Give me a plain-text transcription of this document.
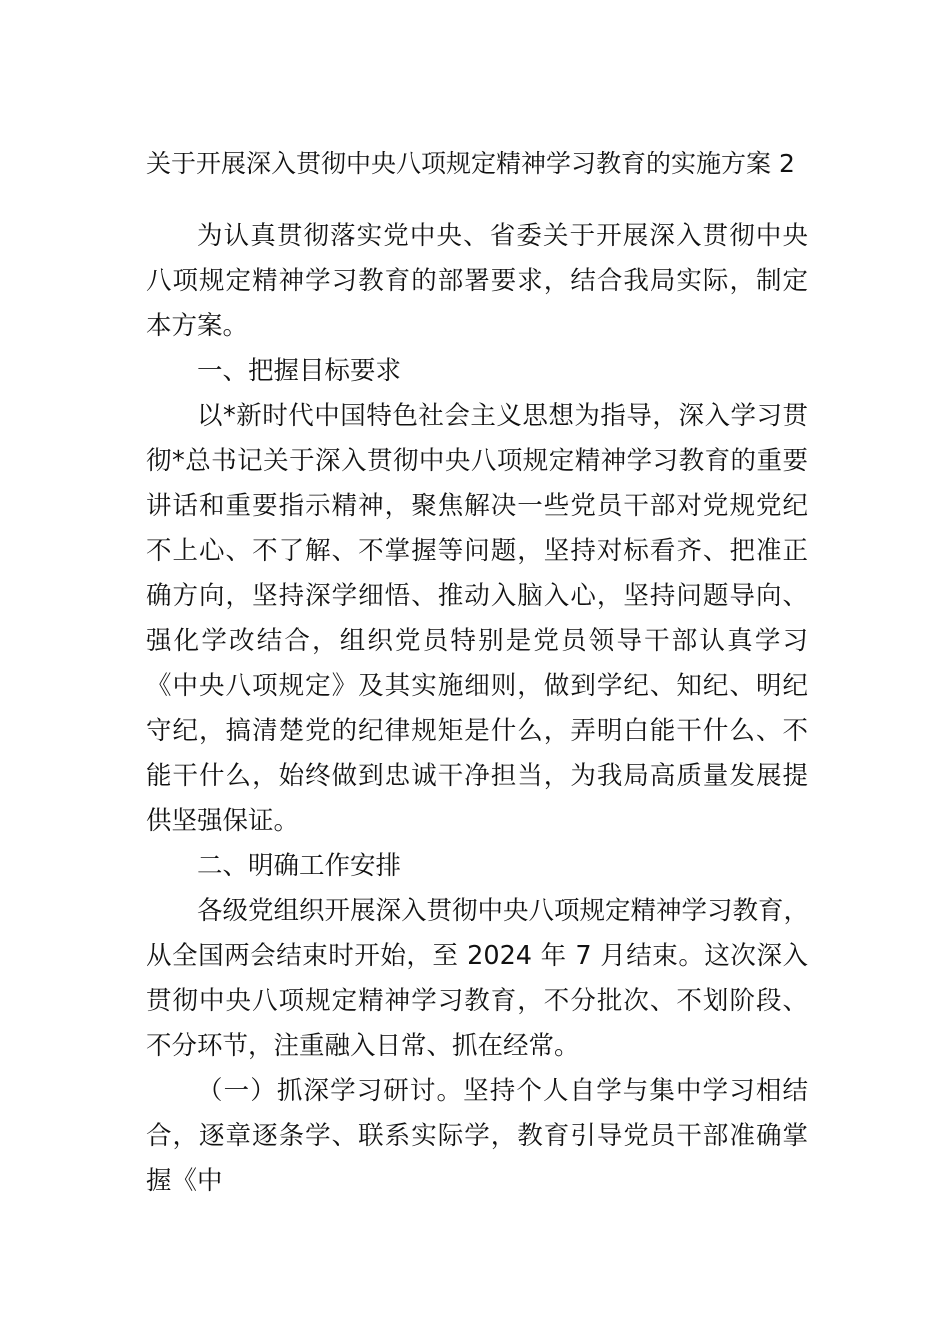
关于开展深入贯彻中央八项规定精神学习教育的实施方案 2
为认真贯彻落实党中央、省委关于开展深入贯彻中央
八项规定精神学习教育的部署要求，结合我局实际，制定
本方案。
一、把握目标要求
以*新时代中国特色社会主义思想为指导，深入学习贯
彻*总书记关于深入贯彻中央八项规定精神学习教育的重要
讲话和重要指示精神，聚焦解决一些党员干部对党规党纪
不上心、不了解、不掌握等问题，坚持对标看齐、把准正
确方向，坚持深学细悟、推动入脑入心，坚持问题导向、
强化学改结合，组织党员特别是党员领导干部认真学习
《中央八项规定》及其实施细则，做到学纪、知纪、明纪
守纪，搞清楚党的纪律规矩是什么，弄明白能干什么、不
能干什么，始终做到忠诚干净担当，为我局高质量发展提
供坚强保证。
二、明确工作安排
各级党组织开展深入贯彻中央八项规定精神学习教育，
从全国两会结束时开始，至 2024 年 7 月结束。这次深入
贯彻中央八项规定精神学习教育，不分批次、不划阶段、
不分环节，注重融入日常、抓在经常。
（一）抓深学习研讨。坚持个人自学与集中学习相结
合，逐章逐条学、联系实际学，教育引导党员干部准确掌
握《中
